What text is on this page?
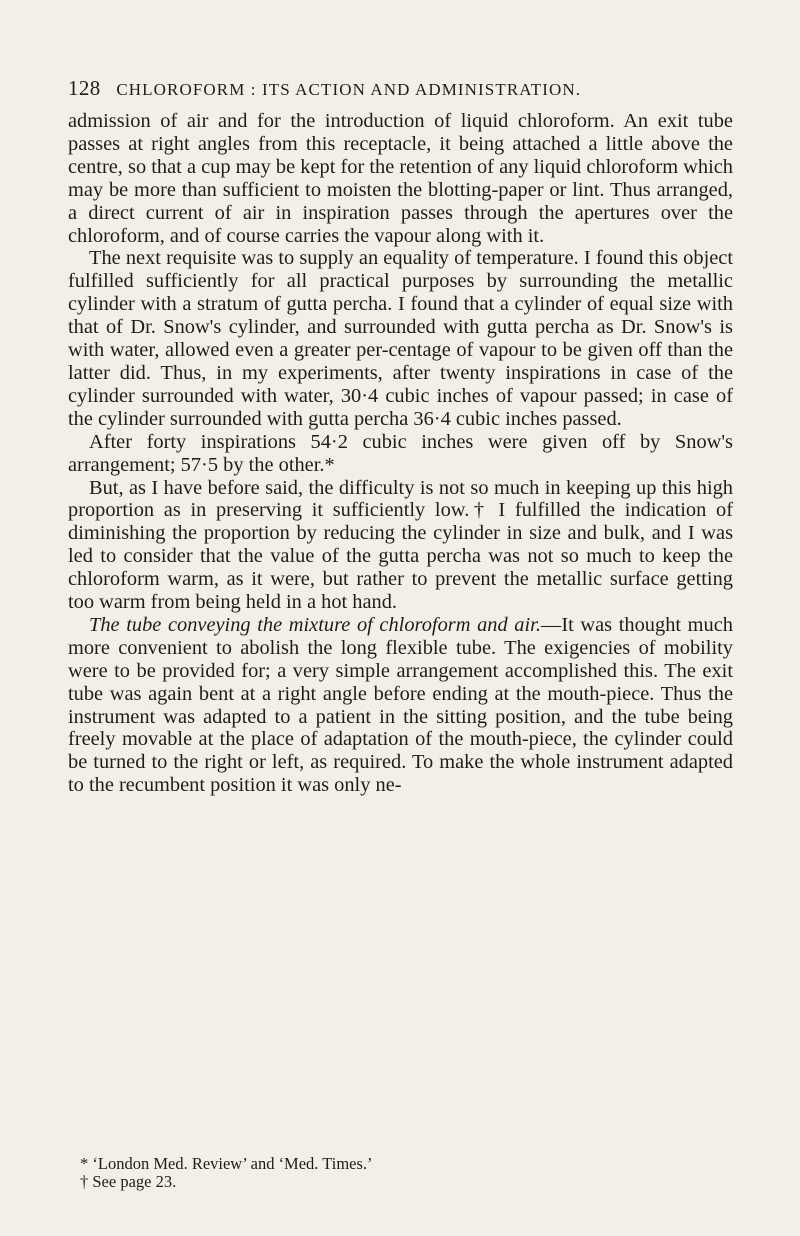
128 CHLOROFORM : ITS ACTION AND ADMINISTRATION.

admission of air and for the introduction of liquid chloroform. An exit tube passes at right angles from this receptacle, it being attached a little above the centre, so that a cup may be kept for the retention of any liquid chloroform which may be more than sufficient to moisten the blotting-paper or lint. Thus arranged, a direct current of air in inspiration passes through the apertures over the chloroform, and of course carries the vapour along with it.

The next requisite was to supply an equality of temperature. I found this object fulfilled sufficiently for all practical purposes by surrounding the metallic cylinder with a stratum of gutta percha. I found that a cylinder of equal size with that of Dr. Snow's cylinder, and surrounded with gutta percha as Dr. Snow's is with water, allowed even a greater per-centage of vapour to be given off than the latter did. Thus, in my experiments, after twenty inspirations in case of the cylinder surrounded with water, 30·4 cubic inches of vapour passed; in case of the cylinder surrounded with gutta percha 36·4 cubic inches passed.

After forty inspirations 54·2 cubic inches were given off by Snow's arrangement; 57·5 by the other.*

But, as I have before said, the difficulty is not so much in keeping up this high proportion as in preserving it sufficiently low.† I fulfilled the indication of diminishing the proportion by reducing the cylinder in size and bulk, and I was led to consider that the value of the gutta percha was not so much to keep the chloroform warm, as it were, but rather to prevent the metallic surface getting too warm from being held in a hot hand.

The tube conveying the mixture of chloroform and air.—It was thought much more convenient to abolish the long flexible tube. The exigencies of mobility were to be provided for; a very simple arrangement accomplished this. The exit tube was again bent at a right angle before ending at the mouth-piece. Thus the instrument was adapted to a patient in the sitting position, and the tube being freely movable at the place of adaptation of the mouth-piece, the cylinder could be turned to the right or left, as required. To make the whole instrument adapted to the recumbent position it was only ne-

* ‘London Med. Review’ and ‘Med. Times.’
† See page 23.
